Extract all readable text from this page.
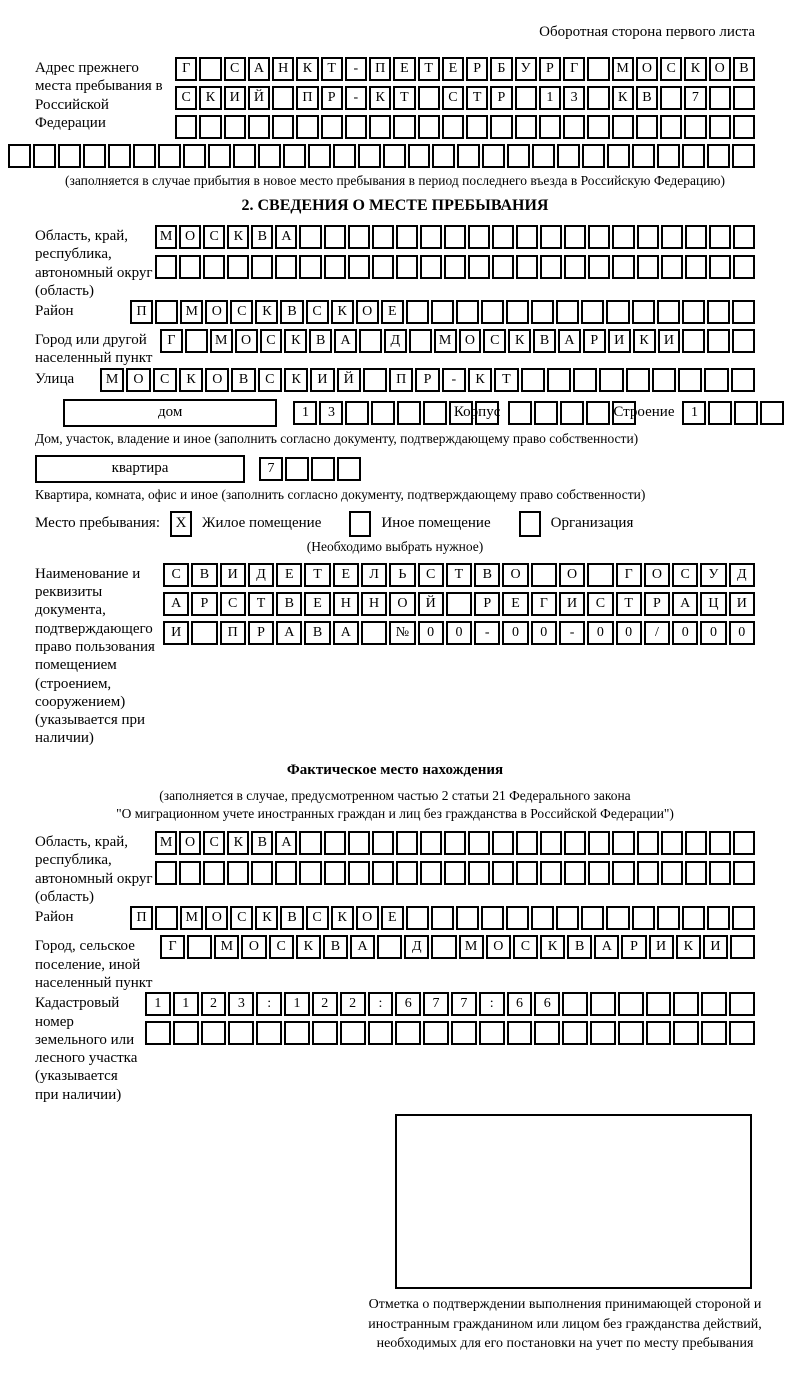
Оборотная сторона первого листа
Адрес прежнего места пребывания в Российской Федерации
Г	С	А	Н	К	Т	-	П	Е	Т	Е	Р	Б	У	Р	Г	М О	С	К	О	В
С	К	И	Й	П	Р	-	К	Т	С	Т	Р	1	3	К	В	7
(заполняется в случае прибытия в новое место пребывания в период последнего въезда в Российскую Федерацию)
2. СВЕДЕНИЯ О МЕСТЕ ПРЕБЫВАНИЯ
Область, край, республика, автономный округ (область)
М О	С	К	В	А
Район	П	М О	С	К	В	С	К	О	Е
Город или другой населенный пункт
Г	М О	С	К	В	А	Д	М О	С	К	В	А	Р	И	К	И
Улица	М	О	С	К	О	В	С	К	И	Й	П	Р	-	К	Т
дом	1	3	Корпус	Строение	1
Дом, участок, владение и иное (заполнить согласно документу, подтверждающему право собственности)
квартира	7
Квартира, комната, офис и иное (заполнить согласно документу, подтверждающему право собственности)
Место пребывания:	X	Жилое помещение	Иное помещение	Организация
(Необходимо выбрать нужное)
Наименование и реквизиты документа, подтверждающего право пользования помещением (строением, сооружением) (указывается при наличии)
С	В	И	Д	Е	Т	Е	Л	Ь	С	Т	В	О	О	Г	О	С	У	Д
А	Р	С	Т	В	Е	Н	Н	О	Й	Р	Е	Г	И	С	Т	Р	А	Ц	И
И	П	Р	А	В	А	№	0	0	-	0	0	-	0	0	/	0	0	0
Фактическое место нахождения
(заполняется в случае, предусмотренном частью 2 статьи 21 Федерального закона
"О миграционном учете иностранных граждан и лиц без гражданства в Российской Федерации")
Область, край, республика, автономный округ (область)
М О	С	К	В	А
Район	П	М О	С	К	В	С	К	О	Е
Город, сельское поселение, иной населенный пункт
Г	М	О	С	К	В	А	Д	М	О	С	К	В	А	Р	И	К	И
Кадастровый номер земельного или лесного участка (указывается при наличии)
1	1	2	3	:	1	2	2	:	6	7	7	:	6	6
Отметка о подтверждении выполнения принимающей стороной и иностранным гражданином или лицом без гражданства действий, необходимых для его постановки на учет по месту пребывания
